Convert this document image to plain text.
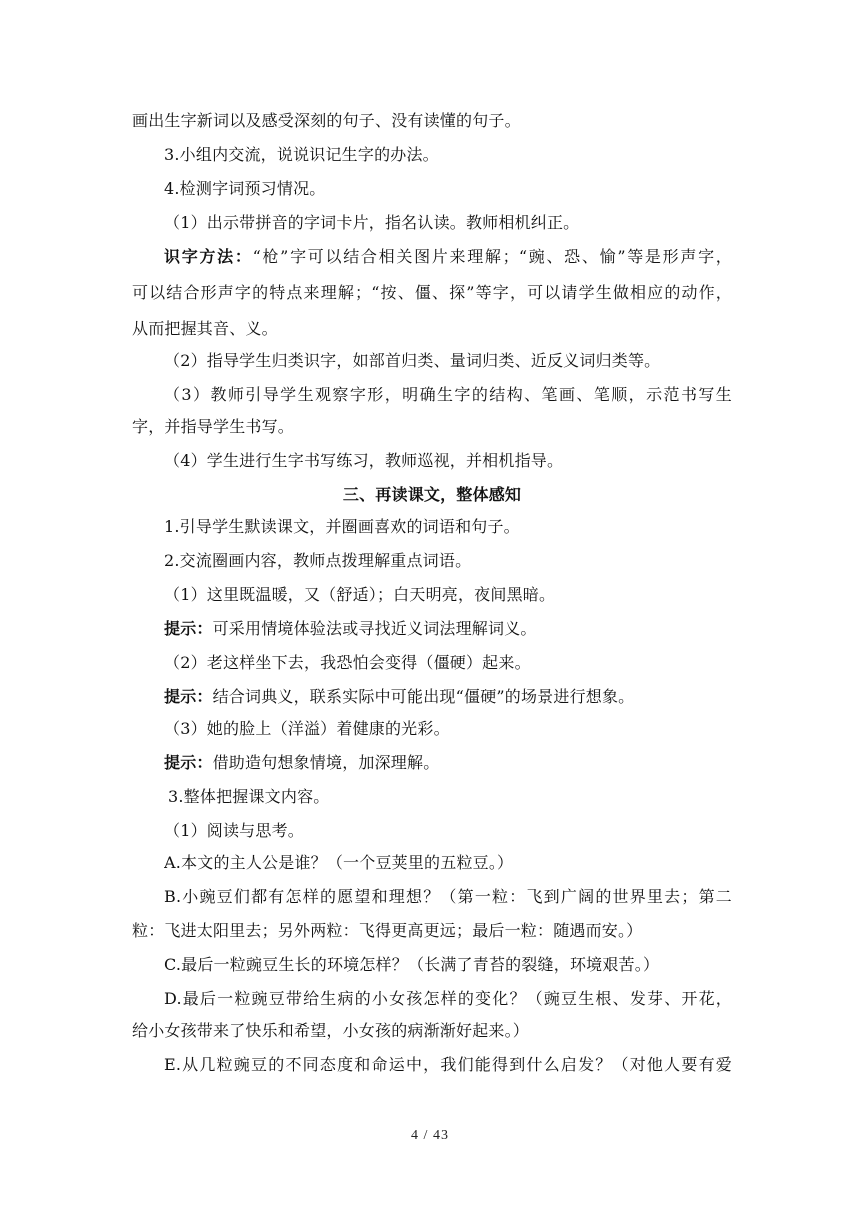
画出生字新词以及感受深刻的句子、没有读懂的句子。
3.小组内交流，说说识记生字的办法。
4.检测字词预习情况。
（1）出示带拼音的字词卡片，指名认读。教师相机纠正。
识字方法：“枪”字可以结合相关图片来理解；“豌、恐、愉”等是形声字，
可以结合形声字的特点来理解；“按、僵、探”等字，可以请学生做相应的动作，
从而把握其音、义。
（2）指导学生归类识字，如部首归类、量词归类、近反义词归类等。
（3）教师引导学生观察字形，明确生字的结构、笔画、笔顺，示范书写生
字，并指导学生书写。
（4）学生进行生字书写练习，教师巡视，并相机指导。
三、再读课文，整体感知
1.引导学生默读课文，并圈画喜欢的词语和句子。
2.交流圈画内容，教师点拨理解重点词语。
（1）这里既温暖，又（舒适）；白天明亮，夜间黑暗。
提示：可采用情境体验法或寻找近义词法理解词义。
（2）老这样坐下去，我恐怕会变得（僵硬）起来。
提示：结合词典义，联系实际中可能出现“僵硬”的场景进行想象。
（3）她的脸上（洋溢）着健康的光彩。
提示：借助造句想象情境，加深理解。
3.整体把握课文内容。
（1）阅读与思考。
A.本文的主人公是谁？（一个豆荚里的五粒豆。）
B.小豌豆们都有怎样的愿望和理想？（第一粒：飞到广阔的世界里去；第二
粒：飞进太阳里去；另外两粒：飞得更高更远；最后一粒：随遇而安。）
C.最后一粒豌豆生长的环境怎样？（长满了青苔的裂缝，环境艰苦。）
D.最后一粒豌豆带给生病的小女孩怎样的变化？（豌豆生根、发芽、开花，
给小女孩带来了快乐和希望，小女孩的病渐渐好起来。）
E.从几粒豌豆的不同态度和命运中，我们能得到什么启发？（对他人要有爱
4 / 43
